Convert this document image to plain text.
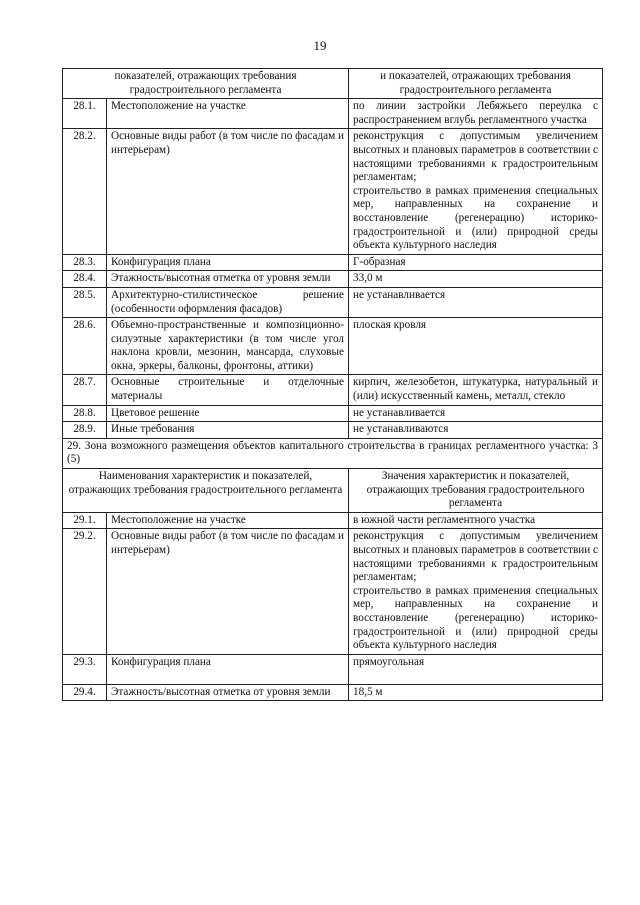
19
показателей, отражающих требования градостроительного регламента		и показателей, отражающих требования градостроительного регламента
28.1.	Местоположение на участке	по линии застройки Лебяжьего переулка с распространением вглубь регламентного участка
28.2.	Основные виды работ (в том числе по фасадам и интерьерам)	реконструкция с допустимым увеличением высотных и плановых параметров в соответствии с настоящими требованиями к градостроительным регламентам;
строительство в рамках применения специальных мер, направленных на сохранение и восстановление (регенерацию) историко-градостроительной и (или) природной среды объекта культурного наследия

28.3.	Конфигурация плана	Г-образная
28.4.	Этажность/высотная отметка от уровня земли	33,0 м
28.5.	Архитектурно-стилистическое решение (особенности оформления фасадов)	не устанавливается
28.6.	Объемно-пространственные и композиционно-силуэтные характеристики (в том числе угол наклона кровли, мезонин, мансарда, слуховые окна, эркеры, балконы, фронтоны, аттики)	плоская кровля
28.7.	Основные строительные и отделочные материалы	кирпич, железобетон, штукатурка, натуральный и (или) искусственный камень, металл, стекло
28.8.	Цветовое решение	не устанавливается
28.9.	Иные требования	не устанавливаются
29. Зона возможного размещения объектов капитального строительства в границах регламентного участка: 3 (5)		
Наименования характеристик и показателей, отражающих требования градостроительного регламента		Значения характеристик и показателей, отражающих требования градостроительного регламента
29.1.	Местоположение на участке	в южной части регламентного участка
29.2.	Основные виды работ (в том числе по фасадам и интерьерам)	реконструкция с допустимым увеличением высотных и плановых параметров в соответствии с настоящими требованиями к градостроительным регламентам;
строительство в рамках применения специальных мер, направленных на сохранение и восстановление (регенерацию) историко-градостроительной и (или) природной среды объекта культурного наследия

29.3.	Конфигурация плана	прямоугольная
29.4.	Этажность/высотная отметка от уровня земли	18,5 м
